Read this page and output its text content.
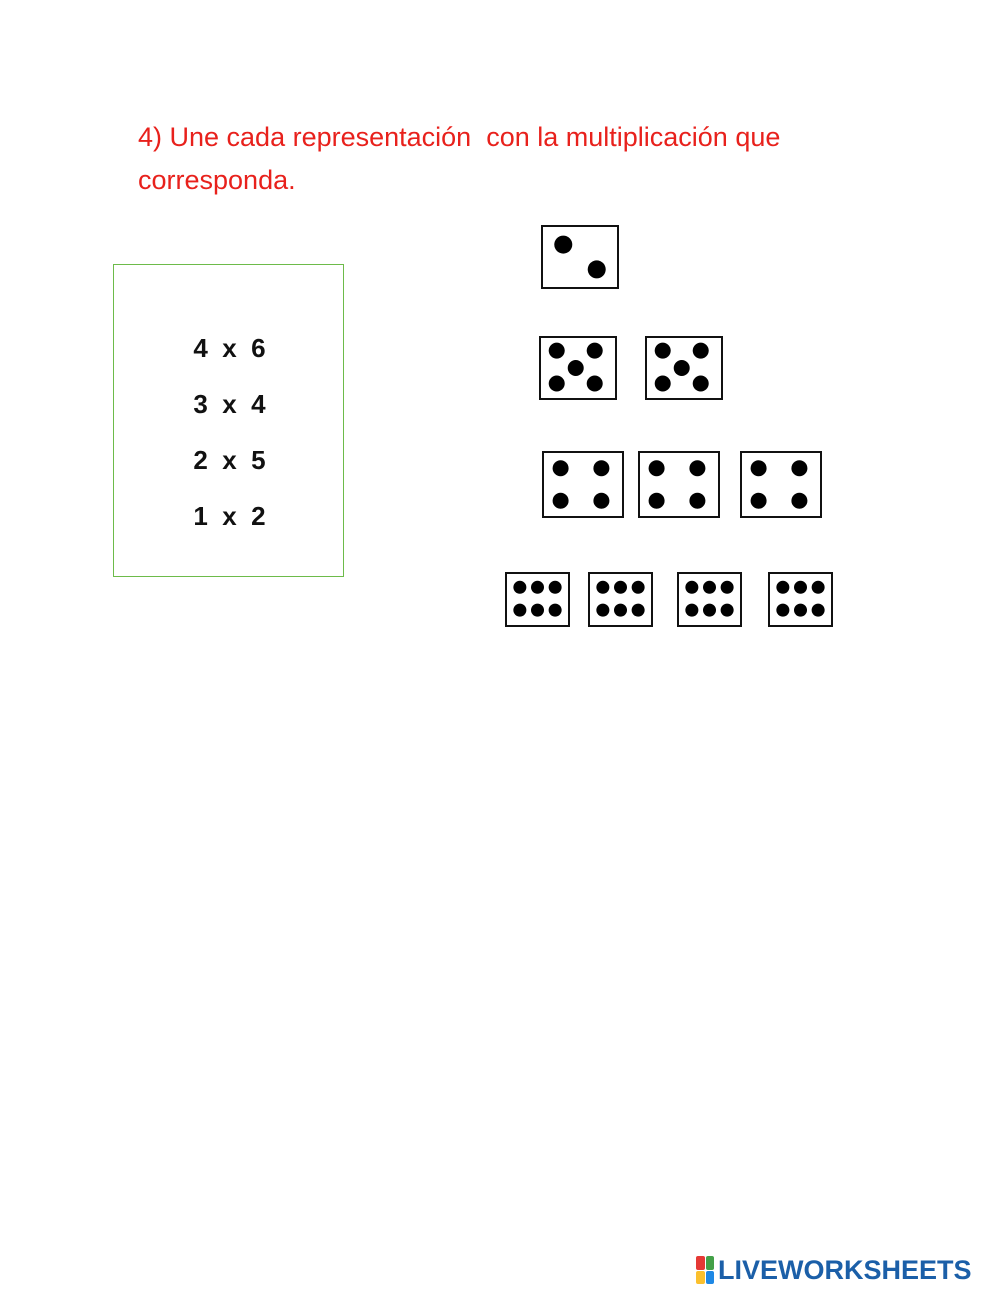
4) Une cada representación  con la multiplicación que corresponda.

4  x  6
3  x  4
2  x  5
1  x  2
LIVEWORKSHEETS
